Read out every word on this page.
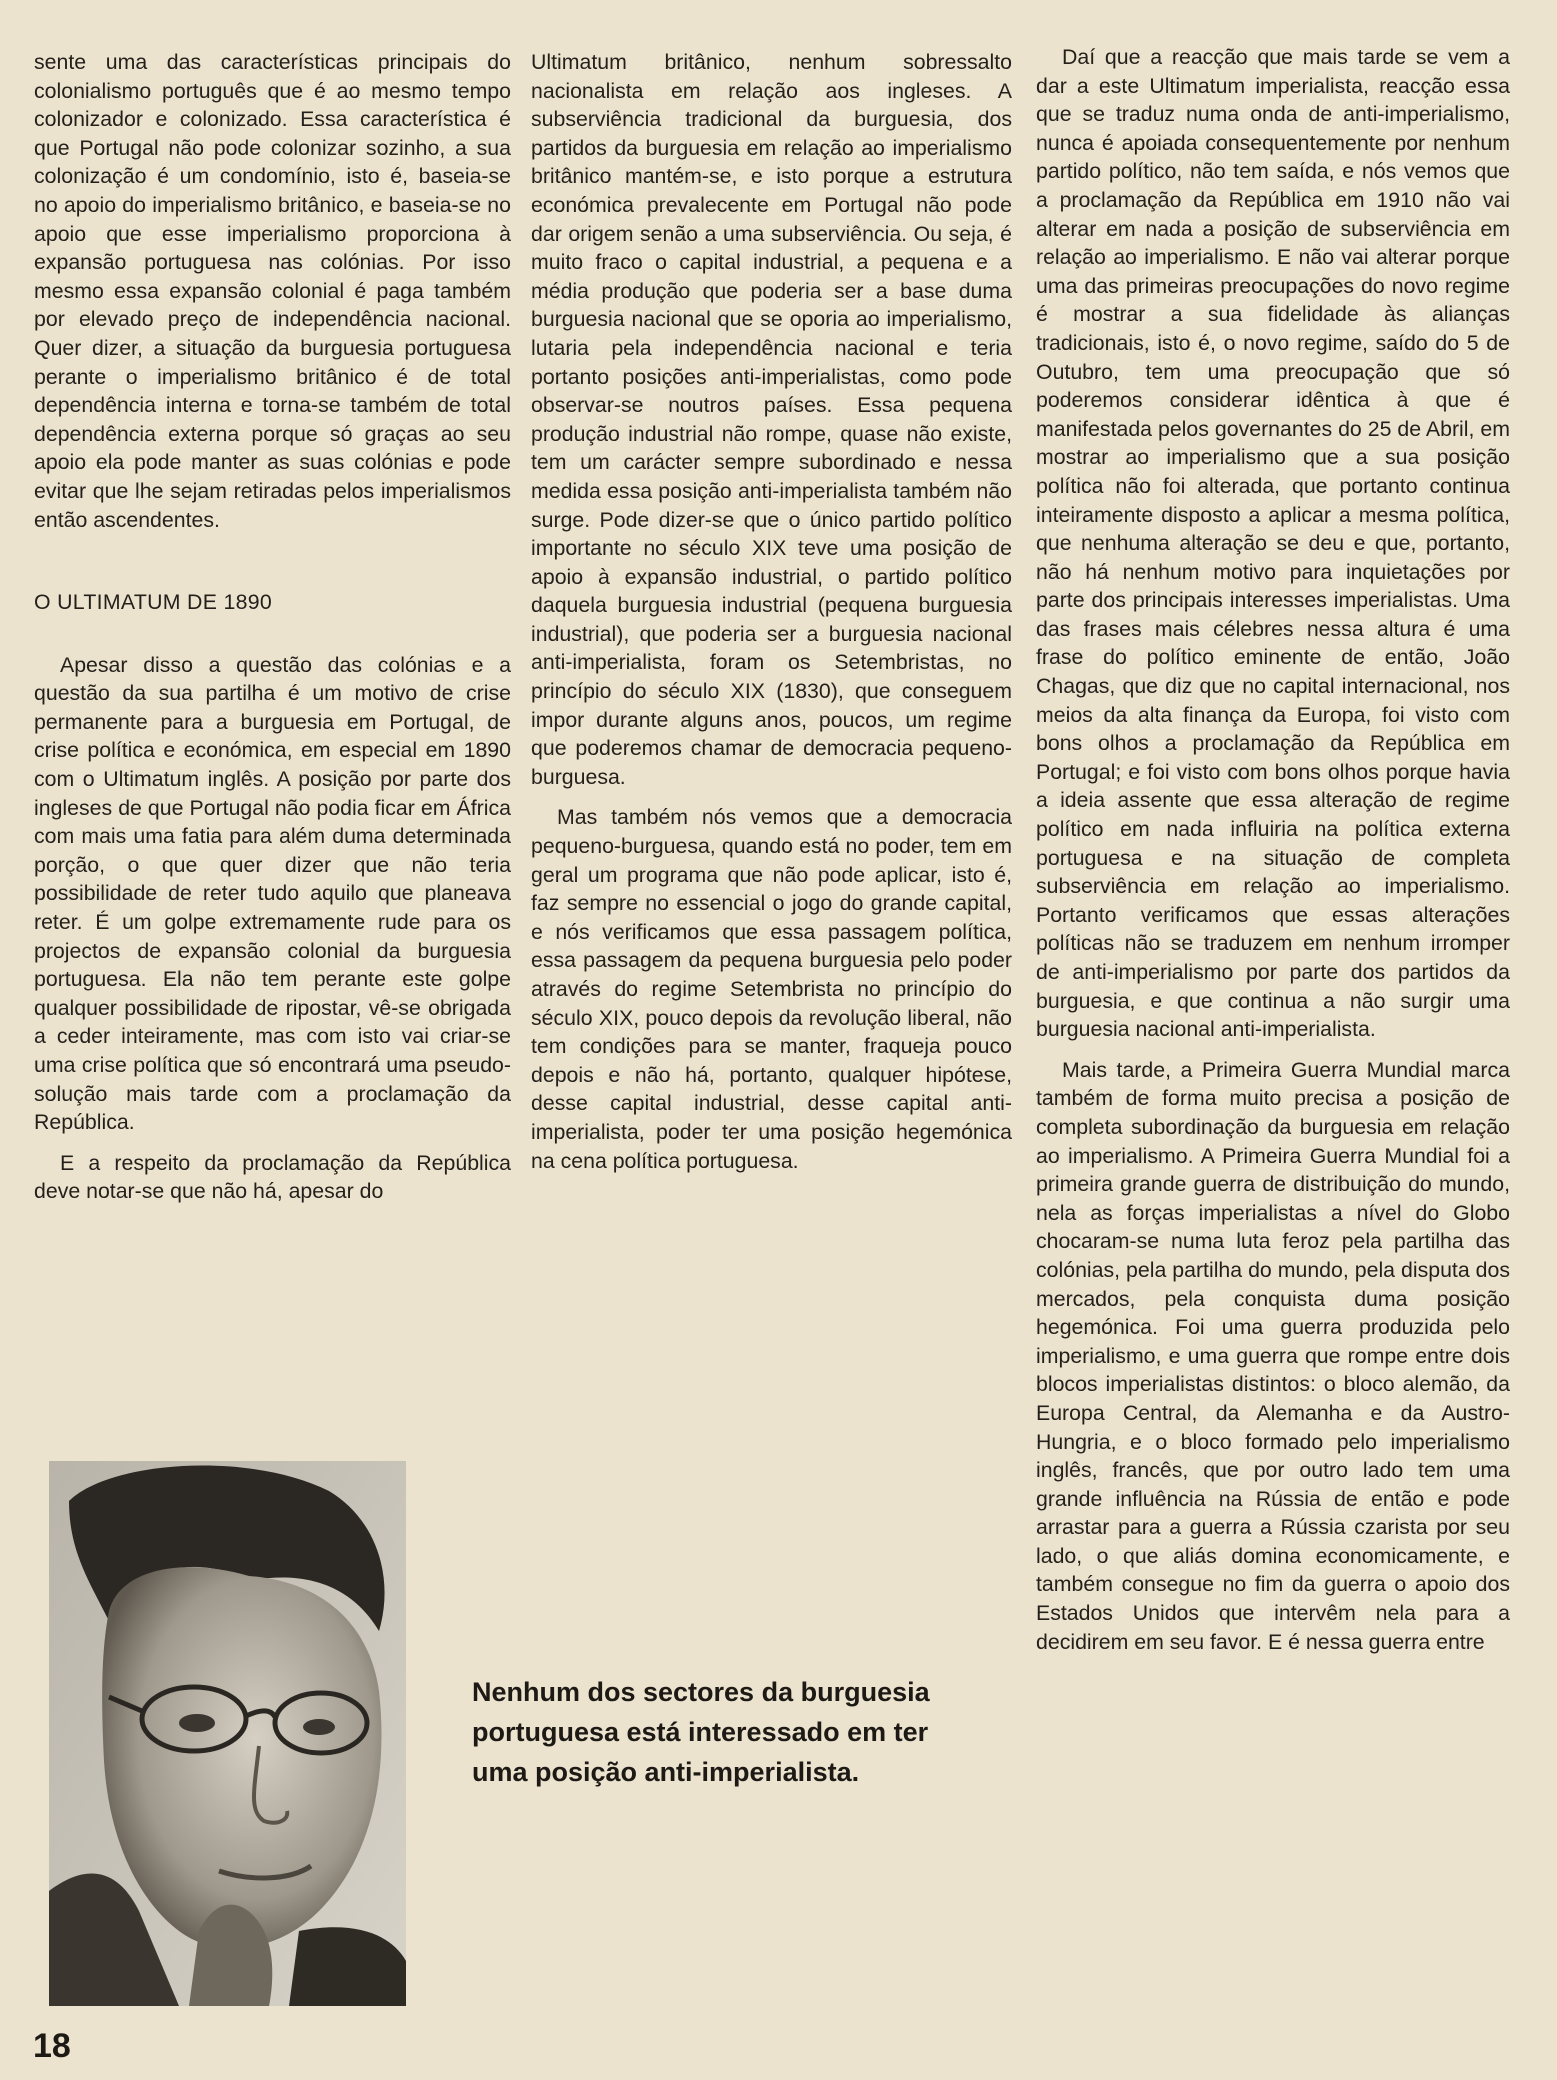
sente uma das características principais do colonialismo português que é ao mesmo tempo colonizador e colonizado. Essa característica é que Portugal não pode colonizar sozinho, a sua colonização é um condomínio, isto é, baseia-se no apoio do imperialismo britânico, e baseia-se no apoio que esse imperialismo proporciona à expansão portuguesa nas colónias. Por isso mesmo essa expansão colonial é paga também por elevado preço de independência nacional. Quer dizer, a situação da burguesia portuguesa perante o imperialismo britânico é de total dependência interna e torna-se também de total dependência externa porque só graças ao seu apoio ela pode manter as suas colónias e pode evitar que lhe sejam retiradas pelos imperialismos então ascendentes.

O ULTIMATUM DE 1890

Apesar disso a questão das colónias e a questão da sua partilha é um motivo de crise permanente para a burguesia em Portugal, de crise política e económica, em especial em 1890 com o Ultimatum inglês. A posição por parte dos ingleses de que Portugal não podia ficar em África com mais uma fatia para além duma determinada porção, o que quer dizer que não teria possibilidade de reter tudo aquilo que planeava reter. É um golpe extremamente rude para os projectos de expansão colonial da burguesia portuguesa. Ela não tem perante este golpe qualquer possibilidade de ripostar, vê-se obrigada a ceder inteiramente, mas com isto vai criar-se uma crise política que só encontrará uma pseudo-solução mais tarde com a proclamação da República.

E a respeito da proclamação da República deve notar-se que não há, apesar do

Ultimatum britânico, nenhum sobressalto nacionalista em relação aos ingleses. A subserviência tradicional da burguesia, dos partidos da burguesia em relação ao imperialismo britânico mantém-se, e isto porque a estrutura económica prevalecente em Portugal não pode dar origem senão a uma subserviência. Ou seja, é muito fraco o capital industrial, a pequena e a média produção que poderia ser a base duma burguesia nacional que se oporia ao imperialismo, lutaria pela independência nacional e teria portanto posições anti-imperialistas, como pode observar-se noutros países. Essa pequena produção industrial não rompe, quase não existe, tem um carácter sempre subordinado e nessa medida essa posição anti-imperialista também não surge. Pode dizer-se que o único partido político importante no século XIX teve uma posição de apoio à expansão industrial, o partido político daquela burguesia industrial (pequena burguesia industrial), que poderia ser a burguesia nacional anti-imperialista, foram os Setembristas, no princípio do século XIX (1830), que conseguem impor durante alguns anos, poucos, um regime que poderemos chamar de democracia pequeno-burguesa.

Mas também nós vemos que a democracia pequeno-burguesa, quando está no poder, tem em geral um programa que não pode aplicar, isto é, faz sempre no essencial o jogo do grande capital, e nós verificamos que essa passagem política, essa passagem da pequena burguesia pelo poder através do regime Setembrista no princípio do século XIX, pouco depois da revolução liberal, não tem condições para se manter, fraqueja pouco depois e não há, portanto, qualquer hipótese, desse capital industrial, desse capital anti-imperialista, poder ter uma posição hegemónica na cena política portuguesa.

Daí que a reacção que mais tarde se vem a dar a este Ultimatum imperialista, reacção essa que se traduz numa onda de anti-imperialismo, nunca é apoiada consequentemente por nenhum partido político, não tem saída, e nós vemos que a proclamação da República em 1910 não vai alterar em nada a posição de subserviência em relação ao imperialismo. E não vai alterar porque uma das primeiras preocupações do novo regime é mostrar a sua fidelidade às alianças tradicionais, isto é, o novo regime, saído do 5 de Outubro, tem uma preocupação que só poderemos considerar idêntica à que é manifestada pelos governantes do 25 de Abril, em mostrar ao imperialismo que a sua posição política não foi alterada, que portanto continua inteiramente disposto a aplicar a mesma política, que nenhuma alteração se deu e que, portanto, não há nenhum motivo para inquietações por parte dos principais interesses imperialistas. Uma das frases mais célebres nessa altura é uma frase do político eminente de então, João Chagas, que diz que no capital internacional, nos meios da alta finança da Europa, foi visto com bons olhos a proclamação da República em Portugal; e foi visto com bons olhos porque havia a ideia assente que essa alteração de regime político em nada influiria na política externa portuguesa e na situação de completa subserviência em relação ao imperialismo. Portanto verificamos que essas alterações políticas não se traduzem em nenhum irromper de anti-imperialismo por parte dos partidos da burguesia, e que continua a não surgir uma burguesia nacional anti-imperialista.

Mais tarde, a Primeira Guerra Mundial marca também de forma muito precisa a posição de completa subordinação da burguesia em relação ao imperialismo. A Primeira Guerra Mundial foi a primeira grande guerra de distribuição do mundo, nela as forças imperialistas a nível do Globo chocaram-se numa luta feroz pela partilha das colónias, pela partilha do mundo, pela disputa dos mercados, pela conquista duma posição hegemónica. Foi uma guerra produzida pelo imperialismo, e uma guerra que rompe entre dois blocos imperialistas distintos: o bloco alemão, da Europa Central, da Alemanha e da Austro-Hungria, e o bloco formado pelo imperialismo inglês, francês, que por outro lado tem uma grande influência na Rússia de então e pode arrastar para a guerra a Rússia czarista por seu lado, o que aliás domina economicamente, e também consegue no fim da guerra o apoio dos Estados Unidos que intervêm nela para a decidirem em seu favor. E é nessa guerra entre

Nenhum dos sectores da burguesia portuguesa está interessado em ter uma posição anti-imperialista.
18
